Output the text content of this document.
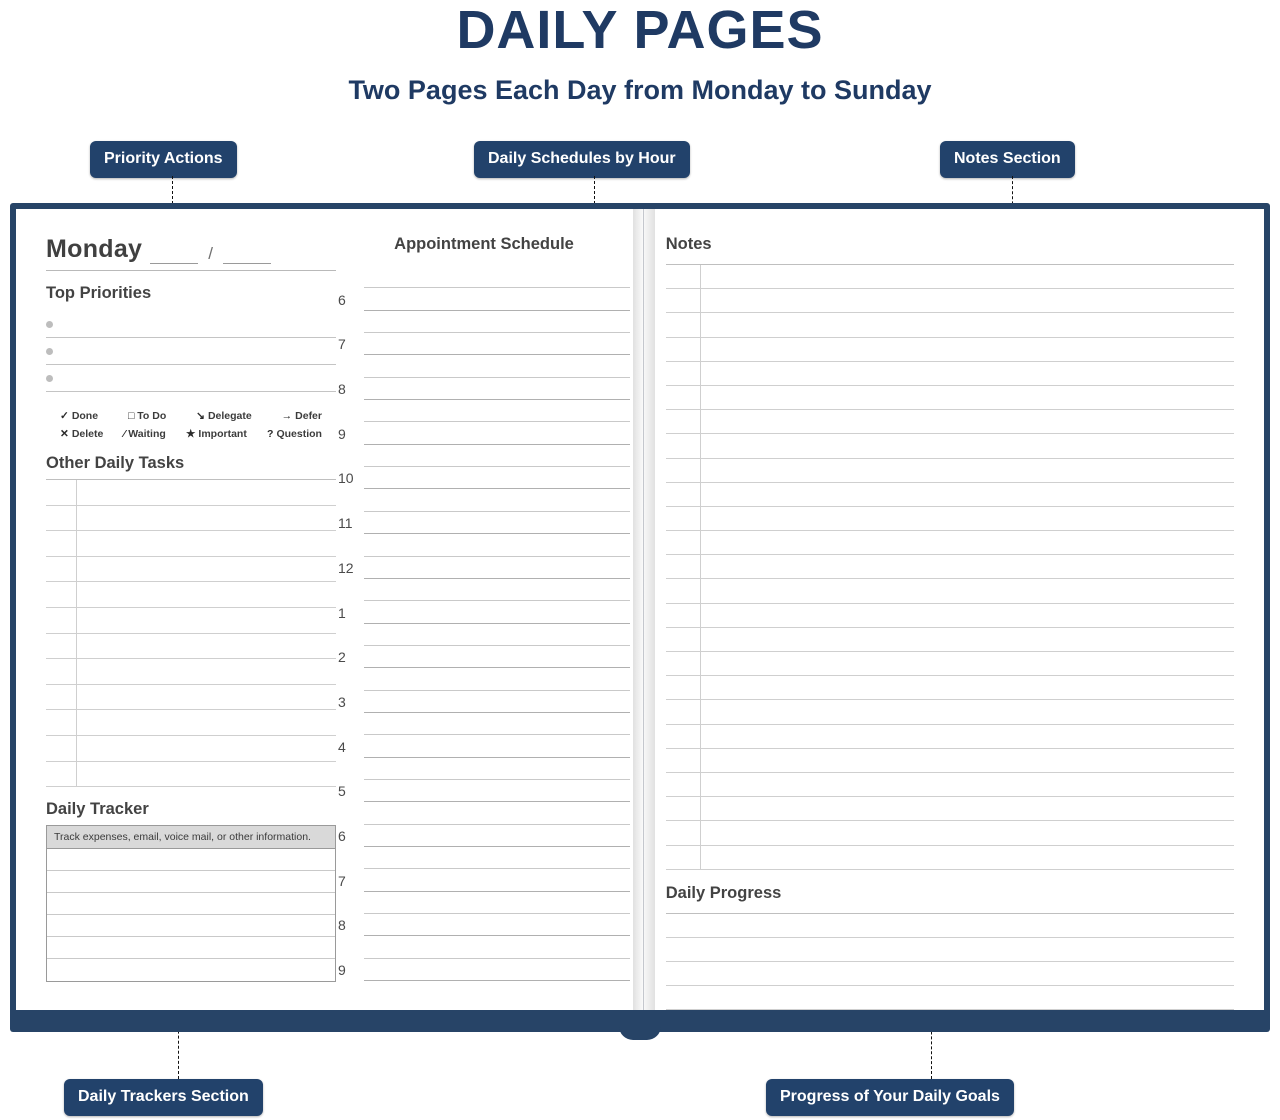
DAILY PAGES
Two Pages Each Day from Monday to Sunday
Priority Actions	Daily Schedules by Hour	Notes Section
Daily Trackers Section	Progress of Your Daily Goals
Monday	/
Top Priorities
✓ Done	□ To Do	↘ Delegate	→ Defer
✕ Delete ⁄ Waiting ★ Important ? Question
Other Daily Tasks
Daily Tracker
Track expenses, email, voice mail, or other information.
Appointment Schedule
6
7
8
9
10
11
12
1
2
3
4
5
6
7
8
9
Notes
Daily Progress
